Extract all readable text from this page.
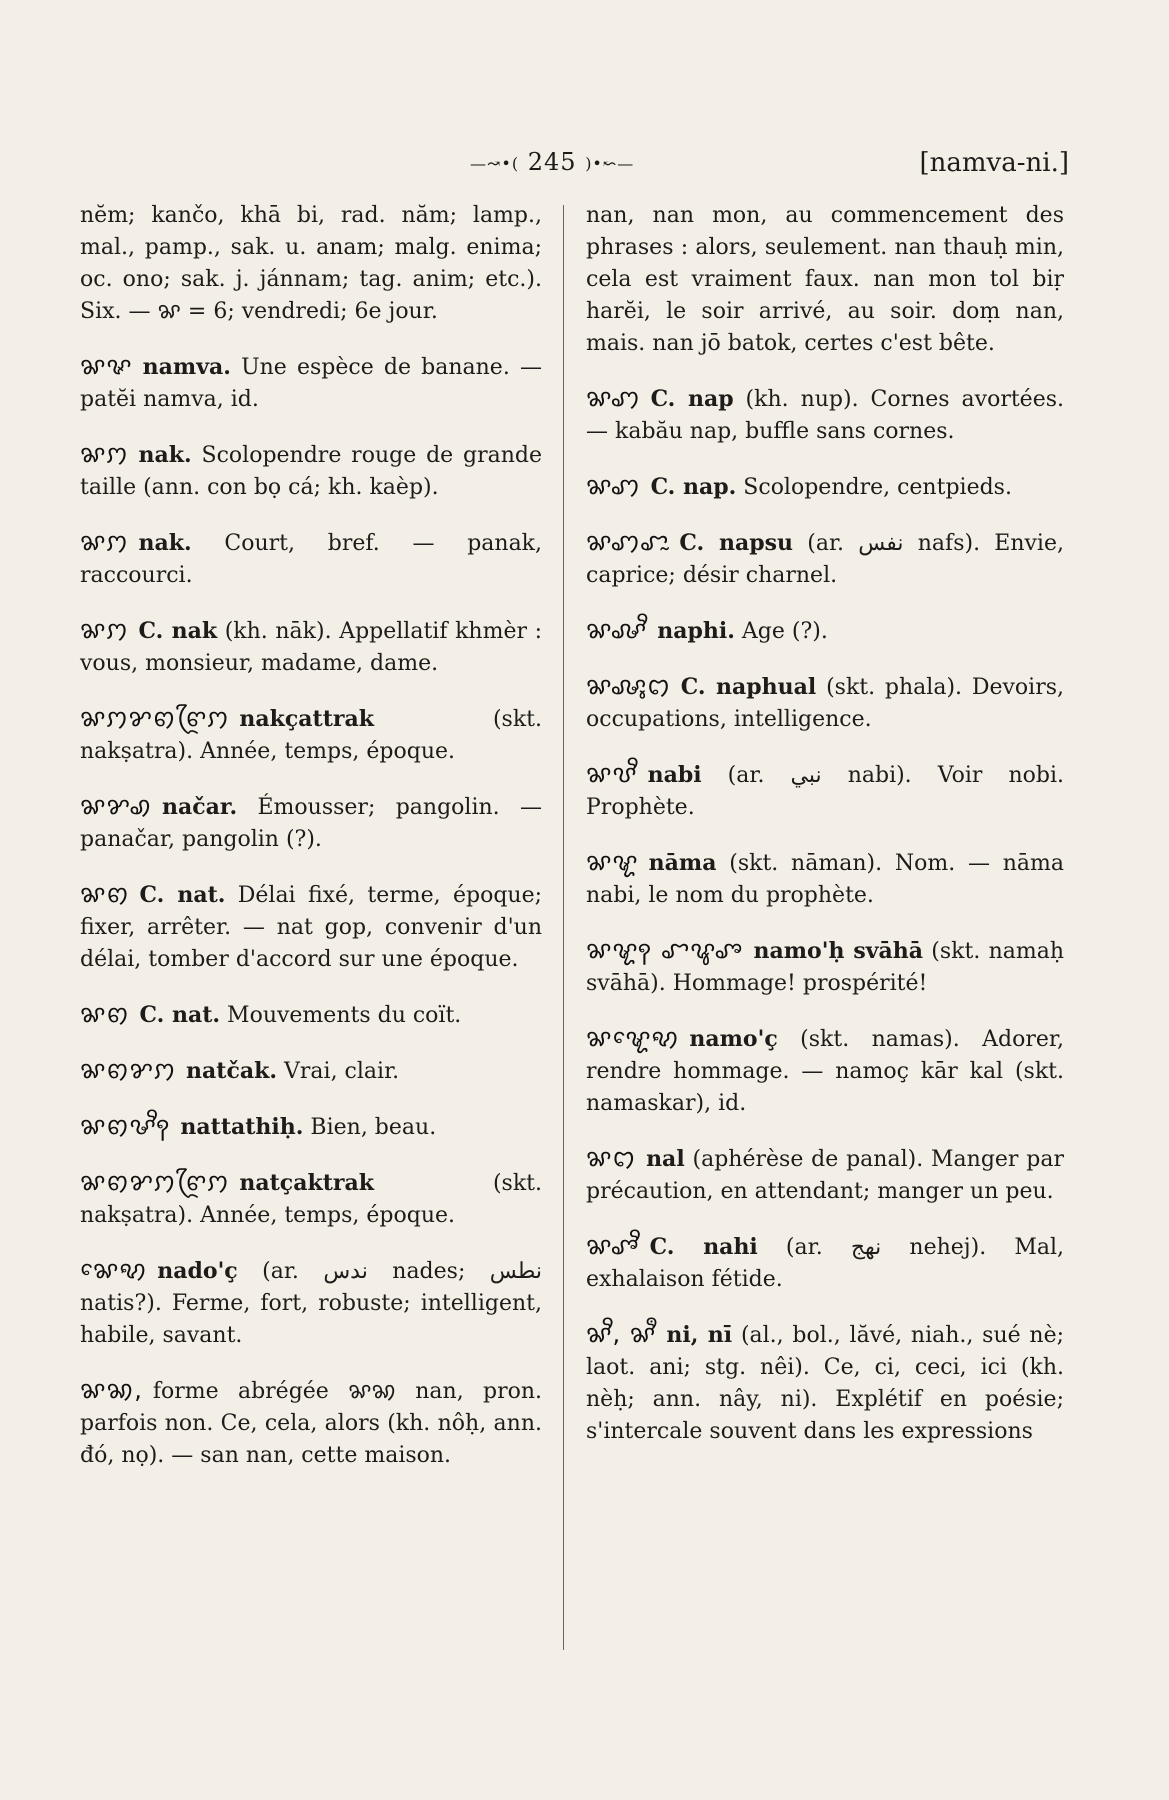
—↝•( 245 )•↜—	[namva-ni.]
nĕm; kančo, khā bi, rad. năm; lamp., mal., pamp., sak. u. anam; malg. enima; oc. ono; sak. j. jánnam; tag. anim; etc.). Six. — ꨗ = 6; vendredi; 6e jour.
ꨗꨟ namva. Une espèce de banane. — patĕi namva, id.
ꨗꩀ nak. Scolopendre rouge de grande taille (ann. con bọ cá; kh. kaèp).
ꨗꩀ nak. Court, bref. — panak, raccourci.
ꨗꩀ C. nak (kh. nāk). Appellatif khmèr : vous, monsieur, madame, dame.
ꨗꩀꨌꩅꨓꨴꩀ nakçattrak	(skt. nakṣatra). Année, temps, époque.
ꨗꨌꩉ načar. Émousser; pangolin. — panačar, pangolin (?).
ꨗꩅ C. nat. Délai fixé, terme, époque; fixer, arrêter. — nat gop, convenir d'un délai, tomber d'accord sur une époque.
ꨗꩅ C. nat. Mouvements du coït.
ꨗꩅꨌꩀ natčak. Vrai, clair.
ꨗꩅꨔꨪꩍ nattathiḥ. Bien, beau.
ꨗꩅꨌꩀꨓꨴꩀ natçaktrak	(skt. nakṣatra). Année, temps, époque.
ꨗꨯꩋ nado'ç (ar. ندس nades; نطس natis?). Ferme, fort, robuste; intelligent, habile, savant.
ꨗꩆ, forme abrégée ꨗꩆ nan, pron. parfois non. Ce, cela, alors (kh. nôḥ, ann. đó, nọ). — san nan, cette maison.
nan, nan mon, au commencement des phrases : alors, seulement. nan thauḥ min, cela est vraiment faux. nan mon tol biṛ harĕi, le soir arrivé, au soir. doṃ nan, mais. nan jō batok, certes c'est bête.
ꨗꩇ C. nap (kh. nup). Cornes avortées. — kabău nap, buffle sans cornes.
ꨗꩇ C. nap. Scolopendre, centpieds.
ꨗꩇꨧꨭ C. napsu (ar. نفس nafs). Envie, caprice; désir charnel.
ꨗꨜꨪ naphi. Age (?).
ꨗꨜꨶꩊ C. naphual (skt. phala). Devoirs, occupations, intelligence.
ꨗꨝꨪ nabi (ar. نبي nabi). Voir nobi. Prophète.
ꨗꨠ nāma (skt. nāman). Nom. — nāma nabi, le nom du prophète.
ꨗꨠꩍ ꨧꨥꨨ namo'ḥ svāhā (skt. namaḥ svāhā). Hommage! prospérité!
ꨗꨠꨯꩋ namo'ç (skt. namas). Adorer, rendre hommage. — namoç kār kal (skt. namaskar), id.
ꨗꩊ nal (aphérèse de panal). Manger par précaution, en attendant; manger un peu.
ꨗꨨꨪ C. nahi (ar. نهج nehej). Mal, exhalaison fétide.
ꨗꨪ, ꨗꨫ ni, nī (al., bol., lăvé, niah., sué nè; laot. ani; stg. nêi). Ce, ci, ceci, ici (kh. nèḥ; ann. nây, ni). Explétif en poésie; s'intercale souvent dans les expressions
